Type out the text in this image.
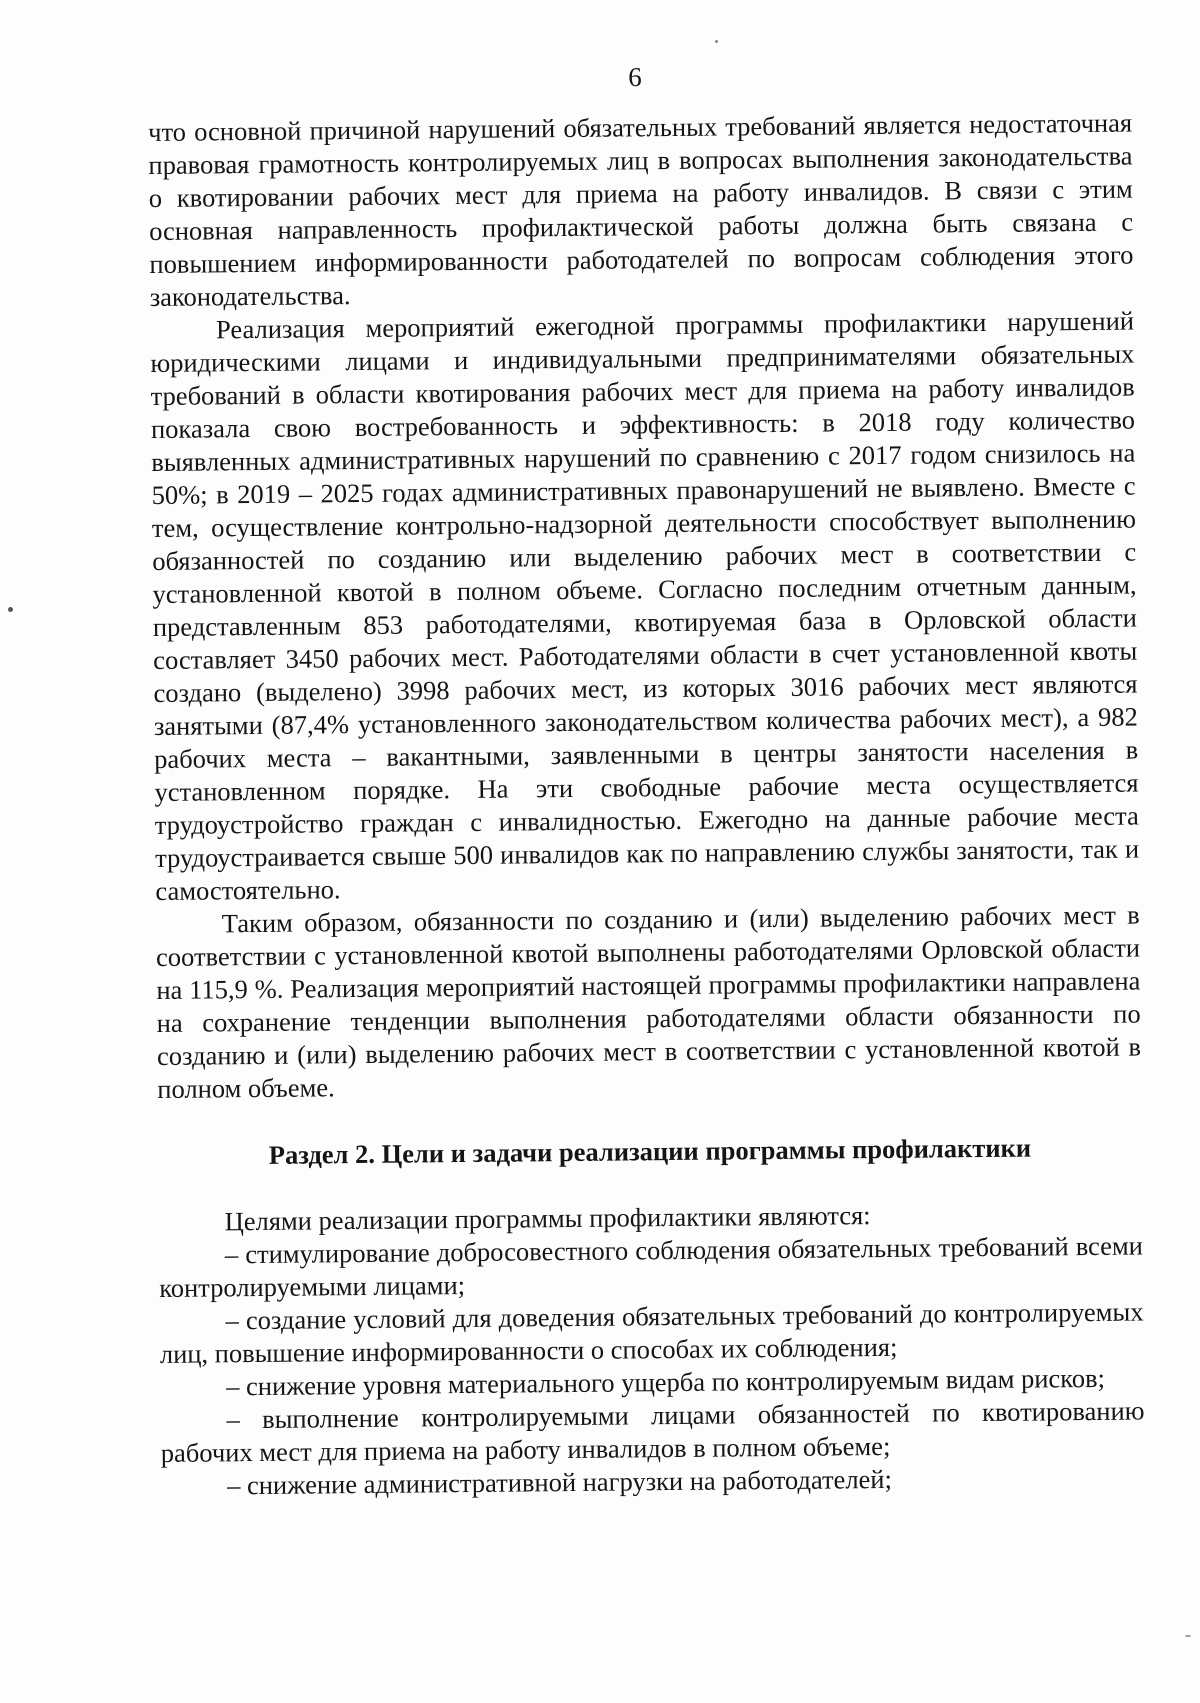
6

что основной причиной нарушений обязательных требований является недостаточная правовая грамотность контролируемых лиц в вопросах выполнения законодательства о квотировании рабочих мест для приема на работу инвалидов. В связи с этим основная направленность профилактической работы должна быть связана с повышением информированности работодателей по вопросам соблюдения этого законодательства.

Реализация мероприятий ежегодной программы профилактики нарушений юридическими лицами и индивидуальными предпринимателями обязательных требований в области квотирования рабочих мест для приема на работу инвалидов показала свою востребованность и эффективность: в 2018 году количество выявленных административных нарушений по сравнению с 2017 годом снизилось на 50%; в 2019 – 2025 годах административных правонарушений не выявлено. Вместе с тем, осуществление контрольно-надзорной деятельности способствует выполнению обязанностей по созданию или выделению рабочих мест в соответствии с установленной квотой в полном объеме. Согласно последним отчетным данным, представленным 853 работодателями, квотируемая база в Орловской области составляет 3450 рабочих мест. Работодателями области в счет установленной квоты создано (выделено) 3998 рабочих мест, из которых 3016 рабочих мест являются занятыми (87,4% установленного законодательством количества рабочих мест), а 982 рабочих места – вакантными, заявленными в центры занятости населения в установленном порядке. На эти свободные рабочие места осуществляется трудоустройство граждан с инвалидностью. Ежегодно на данные рабочие места трудоустраивается свыше 500 инвалидов как по направлению службы занятости, так и самостоятельно.

Таким образом, обязанности по созданию и (или) выделению рабочих мест в соответствии с установленной квотой выполнены работодателями Орловской области на 115,9 %. Реализация мероприятий настоящей программы профилактики направлена на сохранение тенденции выполнения работодателями области обязанности по созданию и (или) выделению рабочих мест в соответствии с установленной квотой в полном объеме.

Раздел 2. Цели и задачи реализации программы профилактики

Целями реализации программы профилактики являются:

– стимулирование добросовестного соблюдения обязательных требований всеми контролируемыми лицами;

– создание условий для доведения обязательных требований до контролируемых лиц, повышение информированности о способах их соблюдения;

– снижение уровня материального ущерба по контролируемым видам рисков;

– выполнение контролируемыми лицами обязанностей по квотированию рабочих мест для приема на работу инвалидов в полном объеме;

– снижение административной нагрузки на работодателей;
